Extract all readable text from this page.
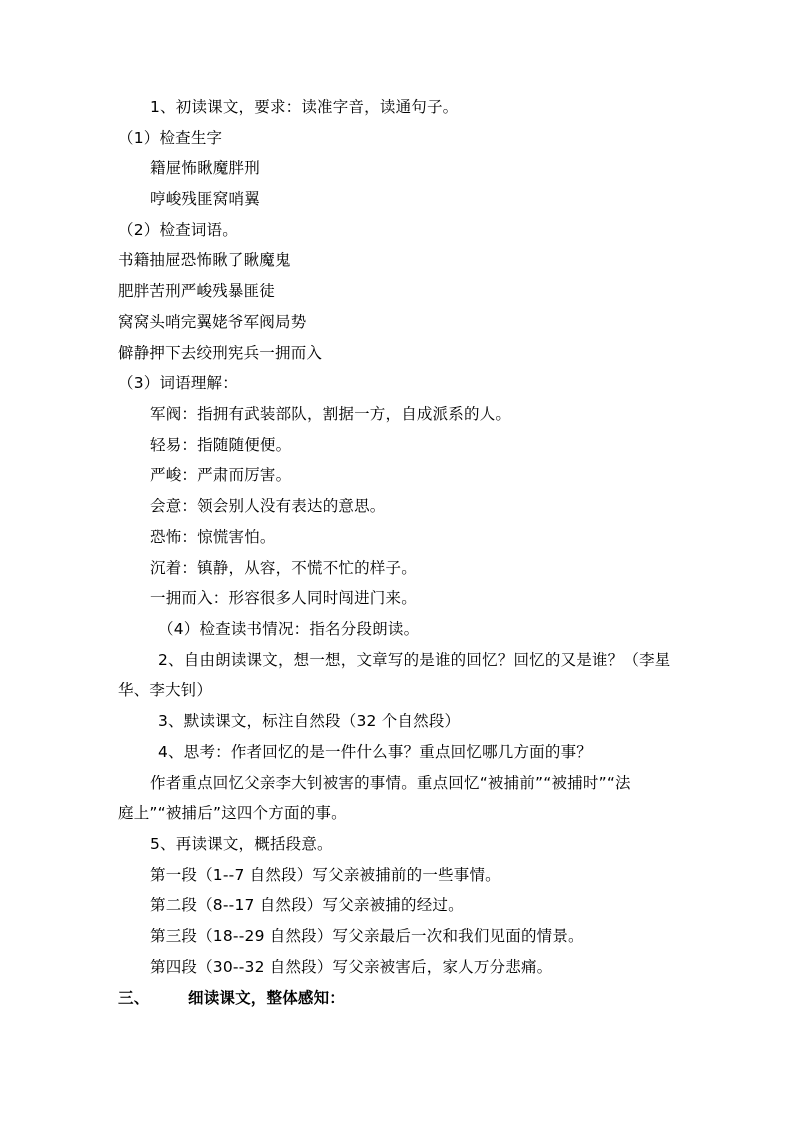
1、初读课文，要求：读准字音，读通句子。
（1）检查生字
籍屉怖瞅魔胖刑
哼峻残匪窝哨翼
（2）检查词语。
书籍抽屉恐怖瞅了瞅魔鬼
肥胖苦刑严峻残暴匪徒
窝窝头哨完翼姥爷军阀局势
僻静押下去绞刑宪兵一拥而入
（3）词语理解：
军阀：指拥有武装部队，割据一方，自成派系的人。
轻易：指随随便便。
严峻：严肃而厉害。
会意：领会别人没有表达的意思。
恐怖：惊慌害怕。
沉着：镇静，从容，不慌不忙的样子。
一拥而入：形容很多人同时闯进门来。
（4）检查读书情况：指名分段朗读。
2、自由朗读课文，想一想，文章写的是谁的回忆？回忆的又是谁？（李星
华、李大钊）
3、默读课文，标注自然段（32 个自然段）
4、思考：作者回忆的是一件什么事？重点回忆哪几方面的事？
作者重点回忆父亲李大钊被害的事情。重点回忆“被捕前”“被捕时”“法
庭上”“被捕后”这四个方面的事。
5、再读课文，概括段意。
第一段（1--7 自然段）写父亲被捕前的一些事情。
第二段（8--17 自然段）写父亲被捕的经过。
第三段（18--29 自然段）写父亲最后一次和我们见面的情景。
第四段（30--32 自然段）写父亲被害后，家人万分悲痛。
三、 细读课文，整体感知：
